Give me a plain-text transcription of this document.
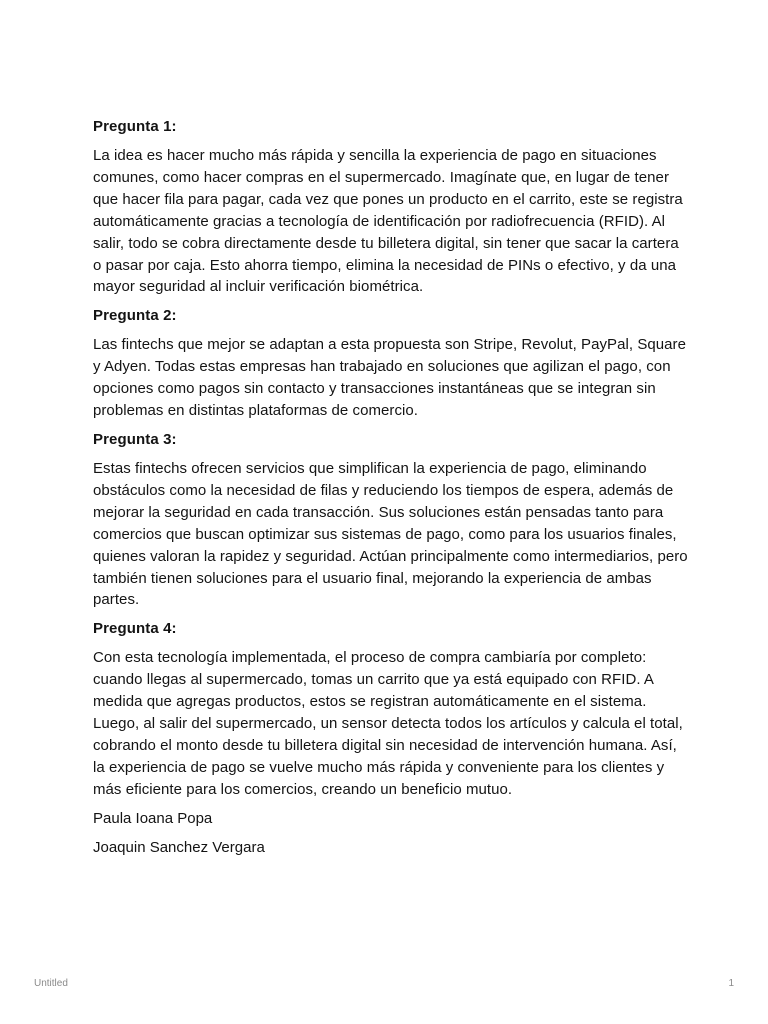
Pregunta 1:

La idea es hacer mucho más rápida y sencilla la experiencia de pago en situaciones comunes, como hacer compras en el supermercado. Imagínate que, en lugar de tener que hacer fila para pagar, cada vez que pones un producto en el carrito, este se registra automáticamente gracias a tecnología de identificación por radiofrecuencia (RFID). Al salir, todo se cobra directamente desde tu billetera digital, sin tener que sacar la cartera o pasar por caja. Esto ahorra tiempo, elimina la necesidad de PINs o efectivo, y da una mayor seguridad al incluir verificación biométrica.

Pregunta 2:

Las fintechs que mejor se adaptan a esta propuesta son Stripe, Revolut, PayPal, Square y Adyen. Todas estas empresas han trabajado en soluciones que agilizan el pago, con opciones como pagos sin contacto y transacciones instantáneas que se integran sin problemas en distintas plataformas de comercio.

Pregunta 3:

Estas fintechs ofrecen servicios que simplifican la experiencia de pago, eliminando obstáculos como la necesidad de filas y reduciendo los tiempos de espera, además de mejorar la seguridad en cada transacción. Sus soluciones están pensadas tanto para comercios que buscan optimizar sus sistemas de pago, como para los usuarios finales, quienes valoran la rapidez y seguridad. Actúan principalmente como intermediarios, pero también tienen soluciones para el usuario final, mejorando la experiencia de ambas partes.

Pregunta 4:

Con esta tecnología implementada, el proceso de compra cambiaría por completo: cuando llegas al supermercado, tomas un carrito que ya está equipado con RFID. A medida que agregas productos, estos se registran automáticamente en el sistema. Luego, al salir del supermercado, un sensor detecta todos los artículos y calcula el total, cobrando el monto desde tu billetera digital sin necesidad de intervención humana. Así, la experiencia de pago se vuelve mucho más rápida y conveniente para los clientes y más eficiente para los comercios, creando un beneficio mutuo.

Paula Ioana Popa

Joaquin Sanchez Vergara

Untitled	1
